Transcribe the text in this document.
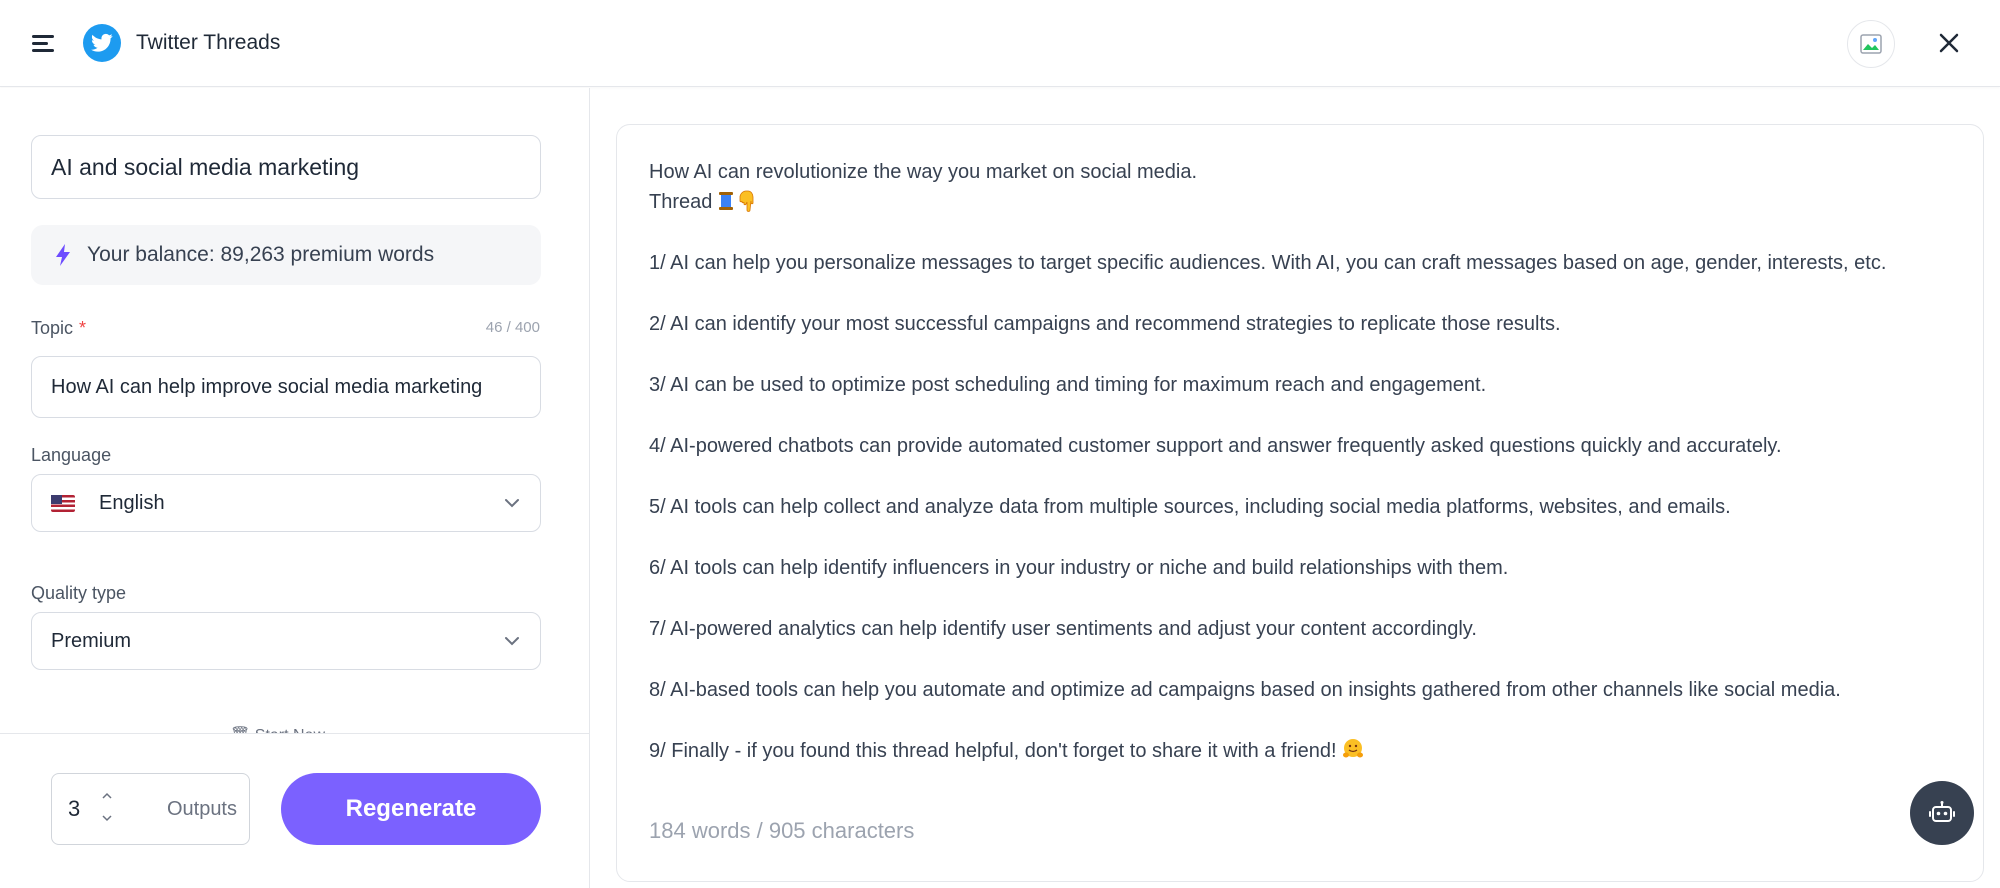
Twitter Threads
AI and social media marketing
Your balance: 89,263 premium words
Topic *	46 / 400
How AI can help improve social media marketing
Language
English
Quality type
Premium
3	Outputs	Regenerate

How AI can revolutionize the way you market on social media.

Thread

1/ AI can help you personalize messages to target specific audiences. With AI, you can craft messages based on age, gender, interests, etc.

2/ AI can identify your most successful campaigns and recommend strategies to replicate those results.

3/ AI can be used to optimize post scheduling and timing for maximum reach and engagement.

4/ AI-powered chatbots can provide automated customer support and answer frequently asked questions quickly and accurately.

5/ AI tools can help collect and analyze data from multiple sources, including social media platforms, websites, and emails.

6/ AI tools can help identify influencers in your industry or niche and build relationships with them.

7/ AI-powered analytics can help identify user sentiments and adjust your content accordingly.

8/ AI-based tools can help you automate and optimize ad campaigns based on insights gathered from other channels like social media.

9/ Finally - if you found this thread helpful, don't forget to share it with a friend!

184 words / 905 characters
